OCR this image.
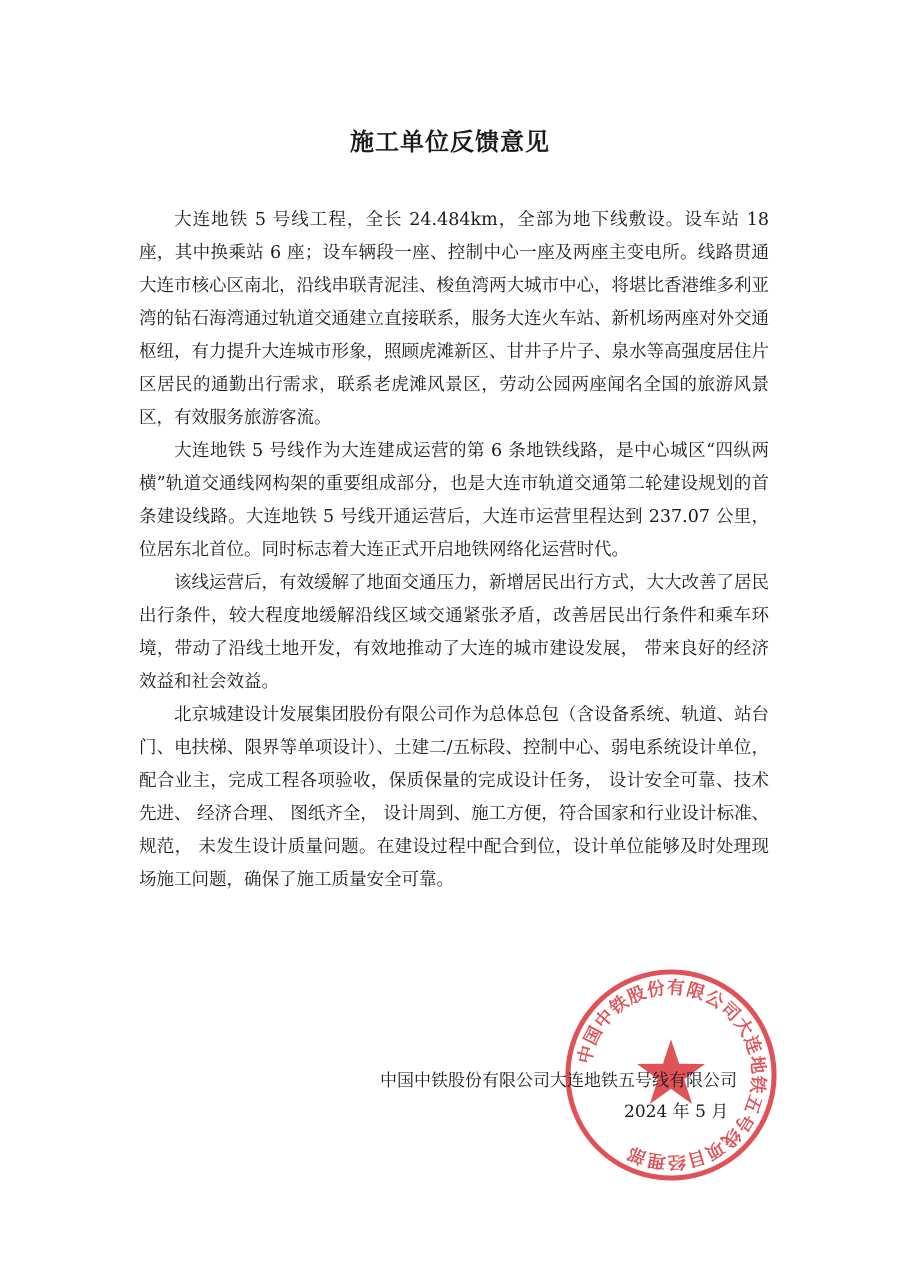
施工单位反馈意见

大连地铁 5 号线工程，全长 24.484km，全部为地下线敷设。设车站 18 座，其中换乘站 6 座；设车辆段一座、控制中心一座及两座主变电所。线路贯通大连市核心区南北，沿线串联青泥洼、梭鱼湾两大城市中心，将堪比香港维多利亚湾的钻石海湾通过轨道交通建立直接联系，服务大连火车站、新机场两座对外交通枢纽，有力提升大连城市形象，照顾虎滩新区、甘井子片子、泉水等高强度居住片区居民的通勤出行需求，联系老虎滩风景区，劳动公园两座闻名全国的旅游风景区，有效服务旅游客流。

大连地铁 5 号线作为大连建成运营的第 6 条地铁线路，是中心城区“四纵两横”轨道交通线网构架的重要组成部分，也是大连市轨道交通第二轮建设规划的首条建设线路。大连地铁 5 号线开通运营后，大连市运营里程达到 237.07 公里，位居东北首位。同时标志着大连正式开启地铁网络化运营时代。

该线运营后，有效缓解了地面交通压力，新增居民出行方式，大大改善了居民出行条件，较大程度地缓解沿线区域交通紧张矛盾，改善居民出行条件和乘车环境，带动了沿线土地开发，有效地推动了大连的城市建设发展， 带来良好的经济效益和社会效益。

北京城建设计发展集团股份有限公司作为总体总包（含设备系统、轨道、站台门、电扶梯、限界等单项设计）、土建二/五标段、控制中心、弱电系统设计单位，配合业主，完成工程各项验收，保质保量的完成设计任务， 设计安全可靠、技术先进、 经济合理、 图纸齐全， 设计周到、施工方便，符合国家和行业设计标准、 规范， 未发生设计质量问题。在建设过程中配合到位，设计单位能够及时处理现场施工问题，确保了施工质量安全可靠。

中国中铁股份有限公司大连地铁五号线项目经理部
中国中铁股份有限公司大连地铁五号线有限公司
2024 年 5 月
